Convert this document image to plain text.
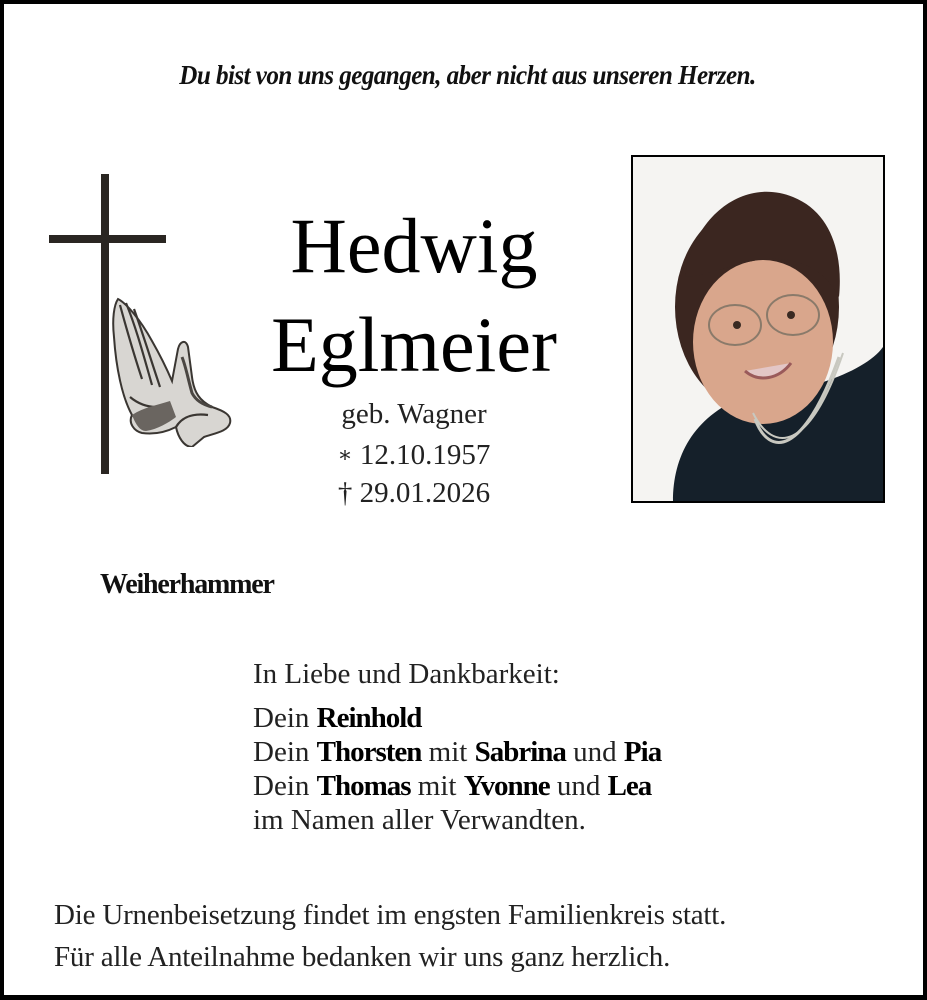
Du bist von uns gegangen, aber nicht aus unseren Herzen.
Hedwig
Eglmeier
geb. Wagner
∗ 12.10.1957
† 29.01.2026
Weiherhammer
In Liebe und Dankbarkeit:
Dein Reinhold
Dein Thorsten mit Sabrina und Pia
Dein Thomas mit Yvonne und Lea
im Namen aller Verwandten.
Die Urnenbeisetzung findet im engsten Familienkreis statt.
Für alle Anteilnahme bedanken wir uns ganz herzlich.
